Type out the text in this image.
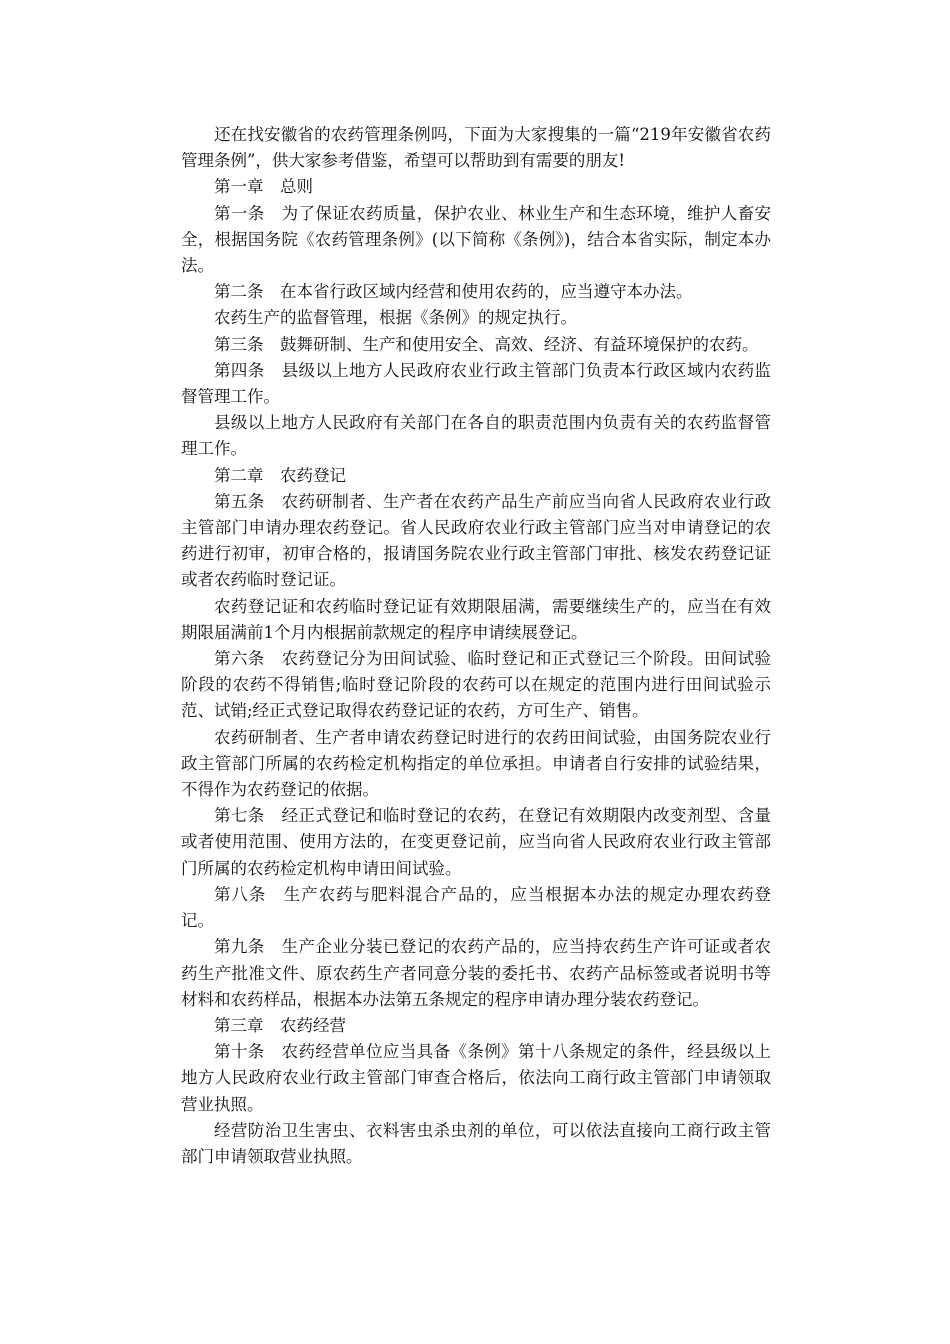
还在找安徽省的农药管理条例吗，下面为大家搜集的一篇“219年安徽省农药管理条例”，供大家参考借鉴，希望可以帮助到有需要的朋友!

第一章　总则

第一条　为了保证农药质量，保护农业、林业生产和生态环境，维护人畜安全，根据国务院《农药管理条例》(以下简称《条例》)，结合本省实际，制定本办法。

第二条　在本省行政区域内经营和使用农药的，应当遵守本办法。

农药生产的监督管理，根据《条例》的规定执行。

第三条　鼓舞研制、生产和使用安全、高效、经济、有益环境保护的农药。

第四条　县级以上地方人民政府农业行政主管部门负责本行政区域内农药监督管理工作。

县级以上地方人民政府有关部门在各自的职责范围内负责有关的农药监督管理工作。

第二章　农药登记

第五条　农药研制者、生产者在农药产品生产前应当向省人民政府农业行政主管部门申请办理农药登记。省人民政府农业行政主管部门应当对申请登记的农药进行初审，初审合格的，报请国务院农业行政主管部门审批、核发农药登记证或者农药临时登记证。

农药登记证和农药临时登记证有效期限届满，需要继续生产的，应当在有效期限届满前1个月内根据前款规定的程序申请续展登记。

第六条　农药登记分为田间试验、临时登记和正式登记三个阶段。田间试验阶段的农药不得销售;临时登记阶段的农药可以在规定的范围内进行田间试验示范、试销;经正式登记取得农药登记证的农药，方可生产、销售。

农药研制者、生产者申请农药登记时进行的农药田间试验，由国务院农业行政主管部门所属的农药检定机构指定的单位承担。申请者自行安排的试验结果，不得作为农药登记的依据。

第七条　经正式登记和临时登记的农药，在登记有效期限内改变剂型、含量或者使用范围、使用方法的，在变更登记前，应当向省人民政府农业行政主管部门所属的农药检定机构申请田间试验。

第八条　生产农药与肥料混合产品的，应当根据本办法的规定办理农药登记。

第九条　生产企业分装已登记的农药产品的，应当持农药生产许可证或者农药生产批准文件、原农药生产者同意分装的委托书、农药产品标签或者说明书等材料和农药样品，根据本办法第五条规定的程序申请办理分装农药登记。

第三章　农药经营

第十条　农药经营单位应当具备《条例》第十八条规定的条件，经县级以上地方人民政府农业行政主管部门审查合格后，依法向工商行政主管部门申请领取营业执照。

经营防治卫生害虫、衣料害虫杀虫剂的单位，可以依法直接向工商行政主管部门申请领取营业执照。
